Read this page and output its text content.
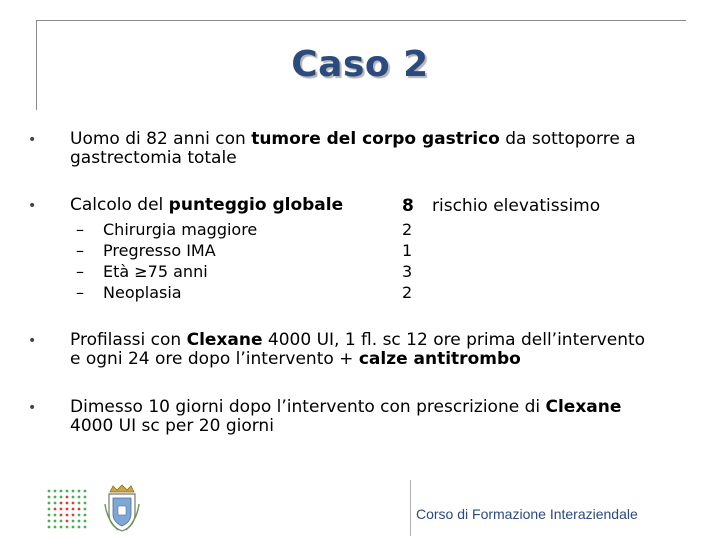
Caso 2
• Uomo di 82 anni con tumore del corpo gastrico da sottoporre a
gastrectomia totale
• Calcolo del punteggio globale	8 rischio elevatissimo
– Chirurgia maggiore	2
– Pregresso IMA	1
– Età ≥75 anni	3
– Neoplasia	2
• Profilassi con Clexane 4000 UI, 1 fl. sc 12 ore prima dell’intervento
e ogni 24 ore dopo l’intervento + calze antitrombo
• Dimesso 10 giorni dopo l’intervento con prescrizione di Clexane
4000 UI sc per 20 giorni
Corso di Formazione Interaziendale
